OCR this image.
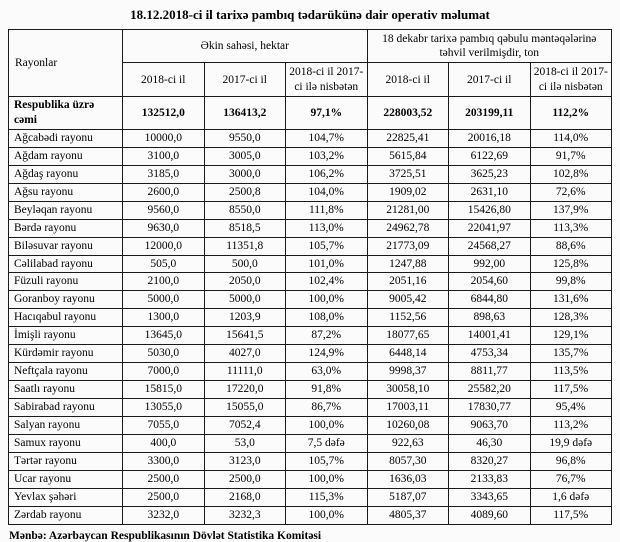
18.12.2018-ci il tarixə pambıq tədarükünə dair operativ məlumat
Rayonlar	Əkin sahəsi, hektar			18 dekabr tarixə pambıq qəbulu məntəqələrinə təhvil verilmişdir, ton		
	2018-ci il	2017-ci il	2018-ci il 2017-ci ilə nisbətən	2018-ci il	2017-ci il	2018-ci il 2017-ci ilə nisbətən
Respublika üzrə cəmi	132512,0	136413,2	97,1%	228003,52	203199,11	112,2%
Ağcabədi rayonu	10000,0	9550,0	104,7%	22825,41	20016,18	114,0%
Ağdam rayonu	3100,0	3005,0	103,2%	5615,84	6122,69	91,7%
Ağdaş rayonu	3185,0	3000,0	106,2%	3725,51	3625,23	102,8%
Ağsu rayonu	2600,0	2500,8	104,0%	1909,02	2631,10	72,6%
Beyləqan rayonu	9560,0	8550,0	111,8%	21281,00	15426,80	137,9%
Bərdə rayonu	9630,0	8518,5	113,0%	24962,78	22041,97	113,3%
Biləsuvar rayonu	12000,0	11351,8	105,7%	21773,09	24568,27	88,6%
Cəlilabad rayonu	505,0	500,0	101,0%	1247,88	992,00	125,8%
Füzuli rayonu	2100,0	2050,0	102,4%	2051,16	2054,60	99,8%
Goranboy rayonu	5000,0	5000,0	100,0%	9005,42	6844,80	131,6%
Hacıqabul rayonu	1300,0	1203,9	108,0%	1152,56	898,63	128,3%
İmişli rayonu	13645,0	15641,5	87,2%	18077,65	14001,41	129,1%
Kürdəmir rayonu	5030,0	4027,0	124,9%	6448,14	4753,34	135,7%
Neftçala rayonu	7000,0	11111,0	63,0%	9998,37	8811,77	113,5%
Saatlı rayonu	15815,0	17220,0	91,8%	30058,10	25582,20	117,5%
Sabirabad rayonu	13055,0	15055,0	86,7%	17003,11	17830,77	95,4%
Salyan rayonu	7055,0	7052,4	100,0%	10260,08	9063,70	113,2%
Samux rayonu	400,0	53,0	7,5 dəfə	922,63	46,30	19,9 dəfə
Tərtər rayonu	3300,0	3123,0	105,7%	8057,30	8320,27	96,8%
Ucar rayonu	2500,0	2500,0	100,0%	1636,03	2133,83	76,7%
Yevlax şəhəri	2500,0	2168,0	115,3%	5187,07	3343,65	1,6 dəfə
Zərdab rayonu	3232,0	3232,3	100,0%	4805,37	4089,60	117,5%
Mənbə: Azərbaycan Respublikasının Dövlət Statistika Komitəsi
